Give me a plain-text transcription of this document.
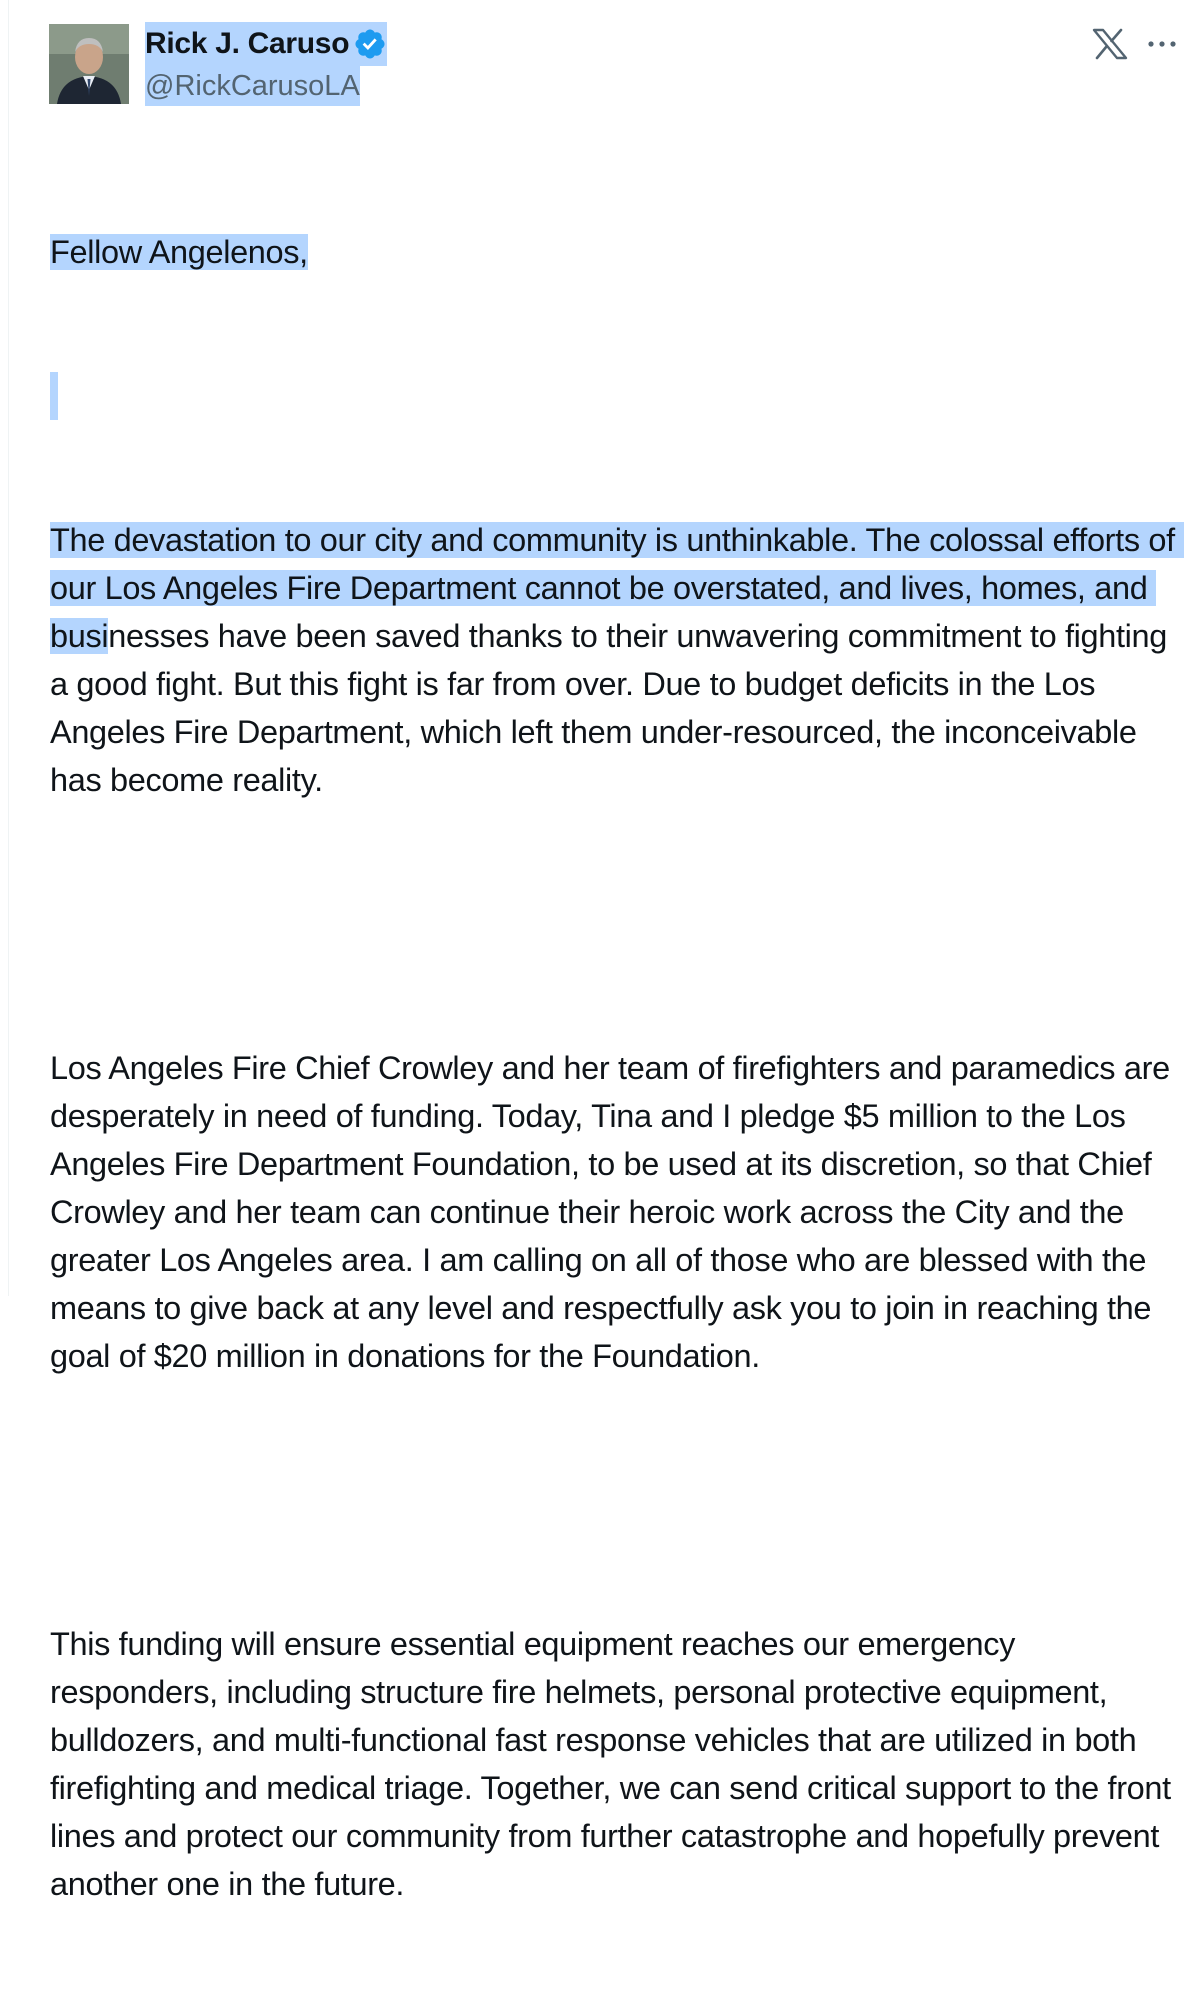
Rick J. Caruso
@RickCarusoLA

Fellow Angelenos,

The devastation to our city and community is unthinkable. The colossal efforts of our Los Angeles Fire Department cannot be overstated, and lives, homes, and businesses have been saved thanks to their unwavering commitment to fighting a good fight. But this fight is far from over. Due to budget deficits in the Los Angeles Fire Department, which left them under-resourced, the inconceivable has become reality.

Los Angeles Fire Chief Crowley and her team of firefighters and paramedics are desperately in need of funding. Today, Tina and I pledge $5 million to the Los Angeles Fire Department Foundation, to be used at its discretion, so that Chief Crowley and her team can continue their heroic work across the City and the greater Los Angeles area. I am calling on all of those who are blessed with the means to give back at any level and respectfully ask you to join in reaching the goal of $20 million in donations for the Foundation.

This funding will ensure essential equipment reaches our emergency responders, including structure fire helmets, personal protective equipment, bulldozers, and multi-functional fast response vehicles that are utilized in both firefighting and medical triage. Together, we can send critical support to the front lines and protect our community from further catastrophe and hopefully prevent another one in the future.
